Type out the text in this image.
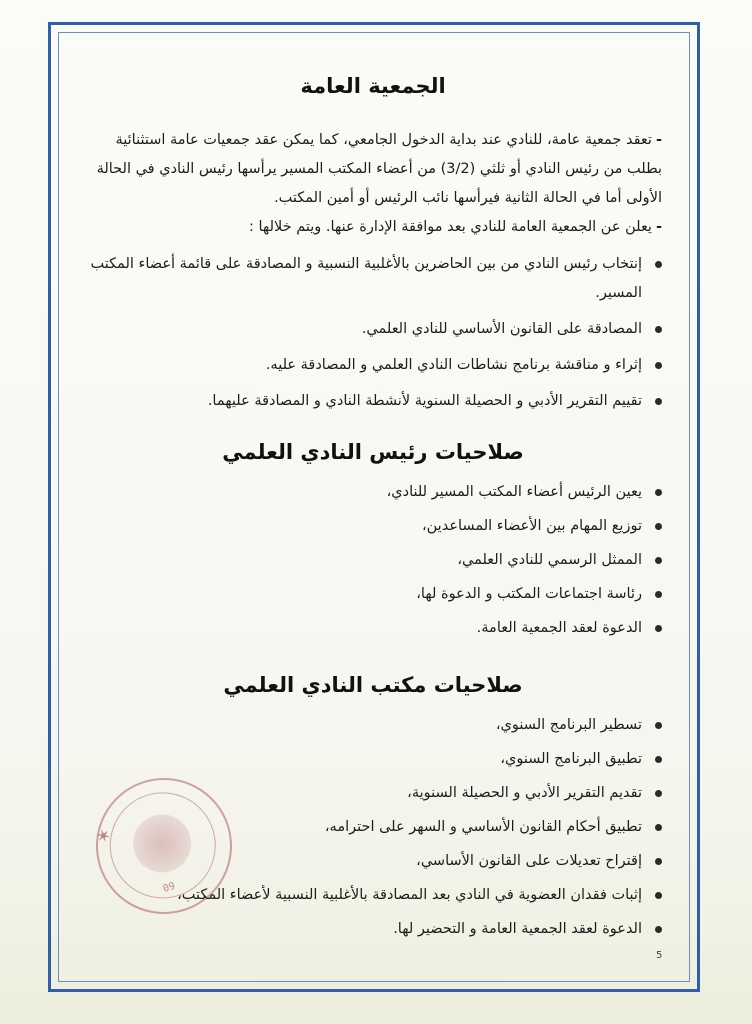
الجمعية العامة

-تعقد جمعية عامة، للنادي عند بداية الدخول الجامعي، كما يمكن عقد جمعيات عامة استثنائية بطلب من رئيس النادي أو ثلثي (3/2) من أعضاء المكتب المسير يرأسها رئيس النادي في الحالة الأولى أما في الحالة الثانية فيرأسها نائب الرئيس أو أمين المكتب.

-يعلن عن الجمعية العامة للنادي بعد موافقة الإدارة عنها. ويتم خلالها :

إنتخاب رئيس النادي من بين الحاضرين بالأغلبية النسبية و المصادقة على قائمة أعضاء المكتب المسير.
المصادقة على القانون الأساسي للنادي العلمي.
إثراء و مناقشة برنامج نشاطات النادي العلمي و المصادقة عليه.
تقييم التقرير الأدبي و الحصيلة السنوية لأنشطة النادي و المصادقة عليهما.
صلاحيات رئيس النادي العلمي
يعين الرئيس أعضاء المكتب المسير للنادي،
توزيع المهام بين الأعضاء المساعدين،
الممثل الرسمي للنادي العلمي،
رئاسة اجتماعات المكتب و الدعوة لها،
الدعوة لعقد الجمعية العامة.
صلاحيات مكتب النادي العلمي
تسطير البرنامج السنوي،
تطبيق البرنامج السنوي،
تقديم التقرير الأدبي و الحصيلة السنوية،
تطبيق أحكام القانون الأساسي و السهر على احترامه،
إقتراح تعديلات على القانون الأساسي،
إثبات فقدان العضوية في النادي بعد المصادقة بالأغلبية النسبية لأعضاء المكتب،
الدعوة لعقد الجمعية العامة و التحضير لها.
✶
09
5
